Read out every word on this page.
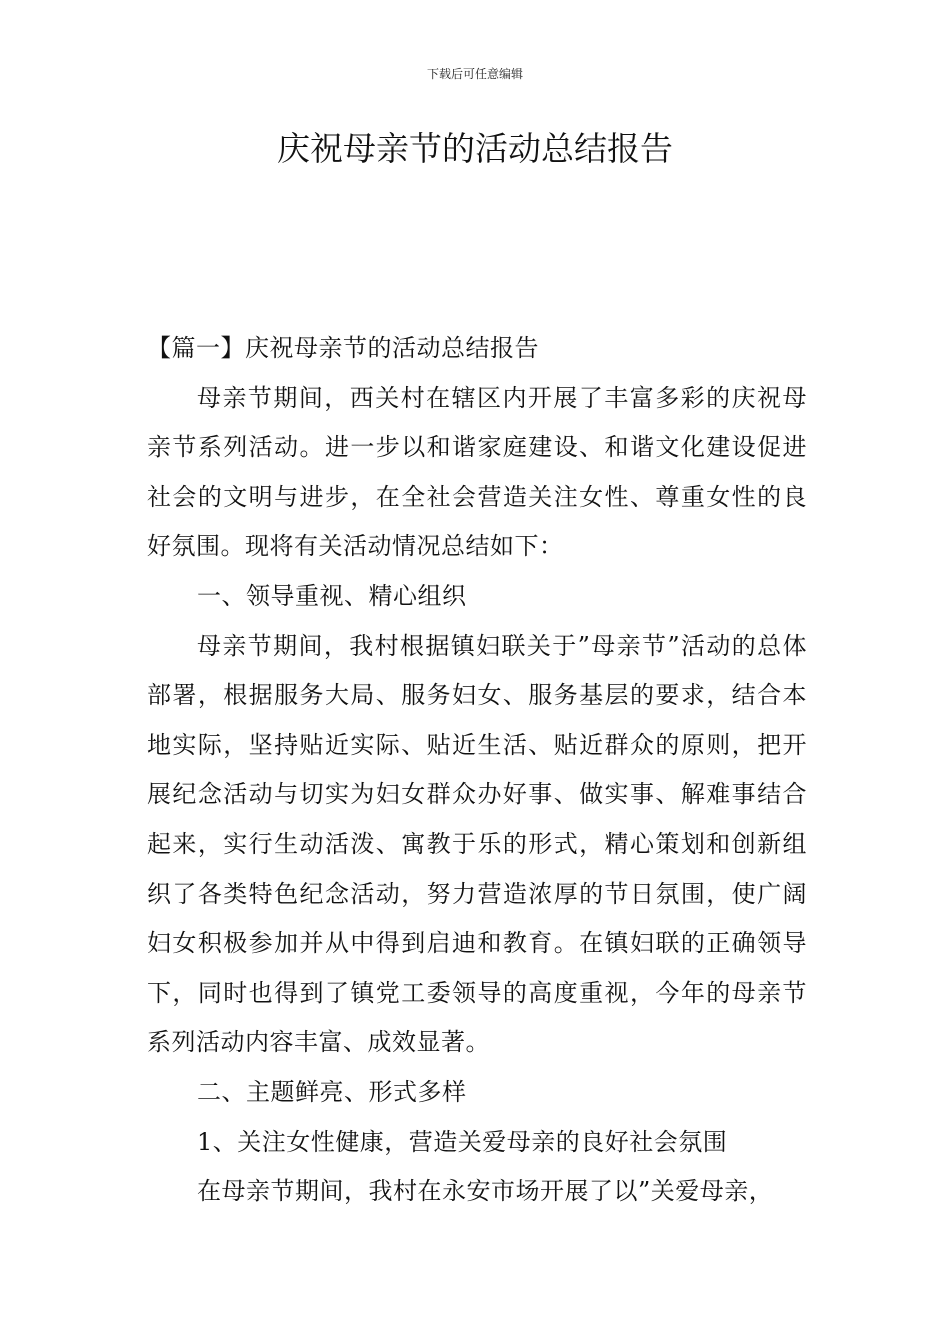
下载后可任意编辑
庆祝母亲节的活动总结报告

【篇一】庆祝母亲节的活动总结报告

母亲节期间，西关村在辖区内开展了丰富多彩的庆祝母亲节系列活动。进一步以和谐家庭建设、和谐文化建设促进社会的文明与进步，在全社会营造关注女性、尊重女性的良好氛围。现将有关活动情况总结如下：

一、领导重视、精心组织

母亲节期间，我村根据镇妇联关于”母亲节”活动的总体部署，根据服务大局、服务妇女、服务基层的要求，结合本地实际，坚持贴近实际、贴近生活、贴近群众的原则，把开展纪念活动与切实为妇女群众办好事、做实事、解难事结合起来，实行生动活泼、寓教于乐的形式，精心策划和创新组织了各类特色纪念活动，努力营造浓厚的节日氛围，使广阔妇女积极参加并从中得到启迪和教育。在镇妇联的正确领导下，同时也得到了镇党工委领导的高度重视，今年的母亲节系列活动内容丰富、成效显著。

二、主题鲜亮、形式多样

1、关注女性健康，营造关爱母亲的良好社会氛围

在母亲节期间，我村在永安市场开展了以”关爱母亲，
